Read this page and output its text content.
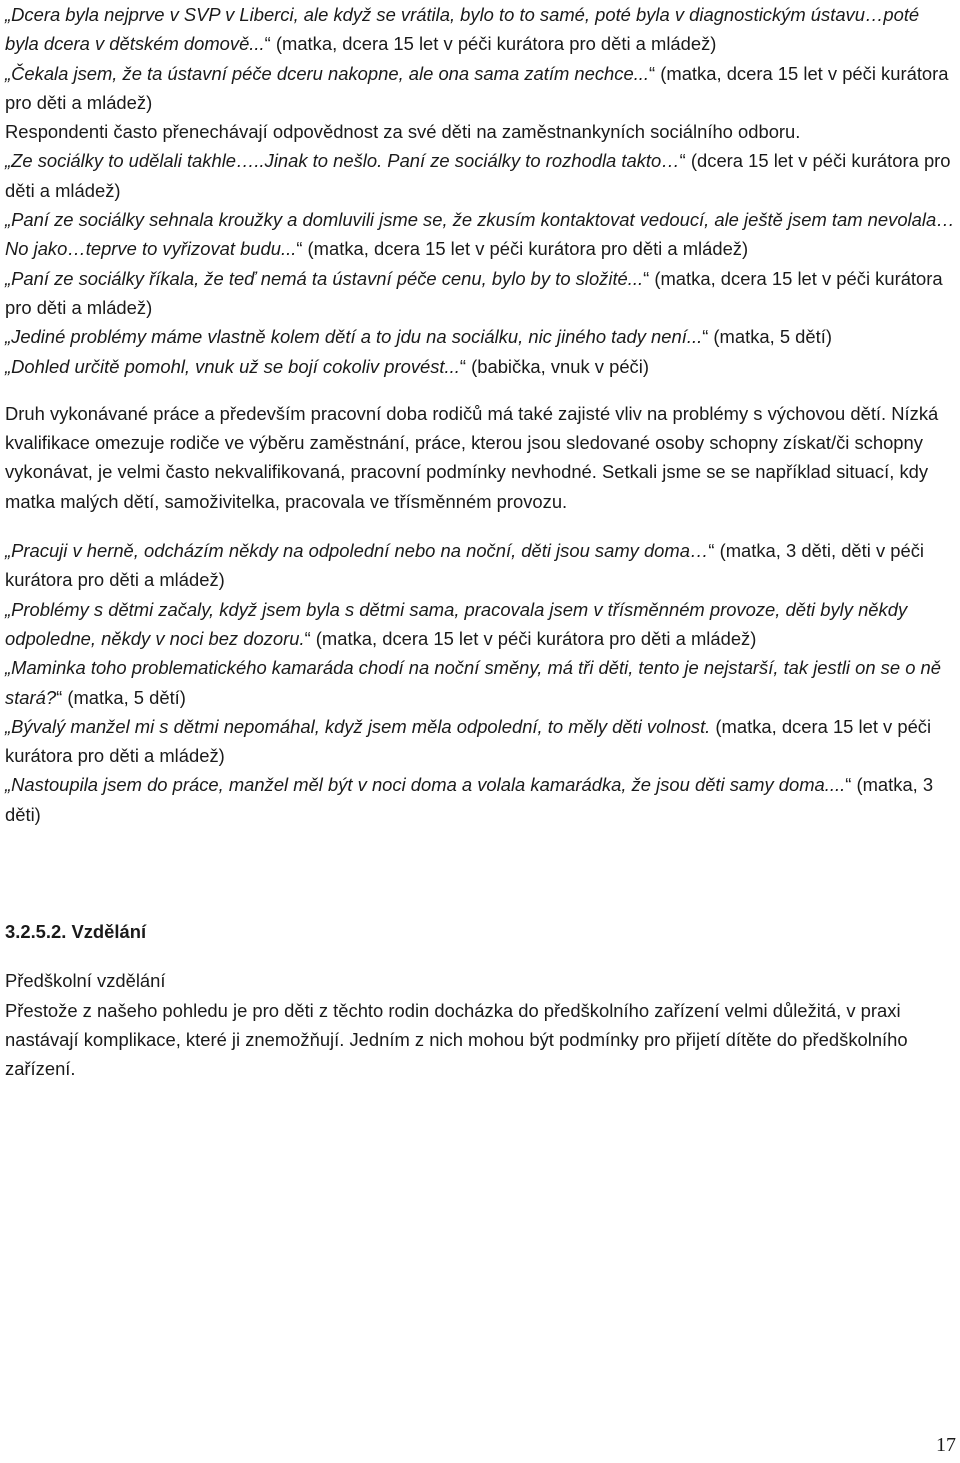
„Dcera byla nejprve v SVP v Liberci, ale když se vrátila, bylo to to samé, poté byla v diagnostickým ústavu…poté byla dcera v dětském domově...“ (matka, dcera 15 let v péči kurátora pro děti a mládež)

„Čekala jsem, že ta ústavní péče dceru nakopne, ale ona sama zatím nechce...“ (matka, dcera 15 let v péči kurátora pro děti a mládež)

Respondenti často přenechávají odpovědnost za své děti na zaměstnankyních sociálního odboru.

„Ze sociálky to udělali takhle…..Jinak to nešlo. Paní ze sociálky to rozhodla takto…“ (dcera 15 let v péči kurátora pro děti a mládež)

„Paní ze sociálky sehnala kroužky a domluvili jsme se, že zkusím kontaktovat vedoucí, ale ještě jsem tam nevolala…No jako…teprve to vyřizovat budu...“ (matka, dcera 15 let v péči kurátora pro děti a mládež)

„Paní ze sociálky říkala, že teď nemá ta ústavní péče cenu, bylo by to složité...“ (matka, dcera 15 let v péči kurátora pro děti a mládež)

„Jediné problémy máme vlastně kolem dětí a to jdu na sociálku, nic jiného tady není...“ (matka, 5 dětí)

„Dohled určitě pomohl, vnuk už se bojí cokoliv provést...“ (babička, vnuk v péči)

Druh vykonávané práce a především pracovní doba rodičů má také zajisté vliv na problémy s výchovou dětí. Nízká kvalifikace omezuje rodiče ve výběru zaměstnání, práce, kterou jsou sledované osoby schopny získat/či schopny vykonávat, je velmi často nekvalifikovaná, pracovní podmínky nevhodné. Setkali jsme se se například situací, kdy matka malých dětí, samoživitelka, pracovala ve třísměnném provozu.

„Pracuji v herně, odcházím někdy na odpolední nebo na noční, děti jsou samy doma…“ (matka, 3 děti, děti v péči kurátora pro děti a mládež)

„Problémy s dětmi začaly, když jsem byla s dětmi sama, pracovala jsem v třísměnném provoze, děti byly někdy odpoledne, někdy v noci bez dozoru.“ (matka, dcera 15 let v péči kurátora pro děti a mládež)

„Maminka toho problematického kamaráda chodí na noční směny, má tři děti, tento je nejstarší, tak jestli on se o ně stará?“ (matka, 5 dětí)

„Bývalý manžel mi s dětmi nepomáhal, když jsem měla odpolední, to měly děti volnost. (matka, dcera 15 let v péči kurátora pro děti a mládež)

„Nastoupila jsem do práce, manžel měl být v noci doma a volala kamarádka, že jsou děti samy doma....“ (matka, 3 děti)

3.2.5.2. Vzdělání

Předškolní vzdělání

Přestože z našeho pohledu je pro děti z těchto rodin docházka do předškolního zařízení velmi důležitá, v praxi nastávají komplikace, které ji znemožňují. Jedním z nich mohou být podmínky pro přijetí dítěte do předškolního zařízení.

17
